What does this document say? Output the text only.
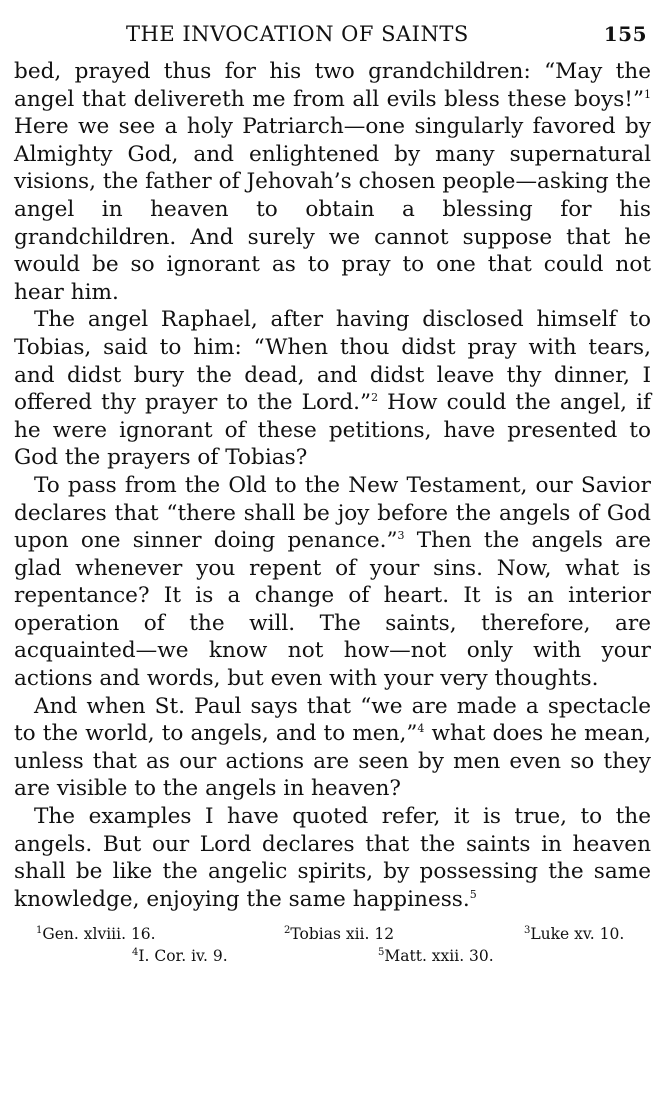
THE INVOCATION OF SAINTS	155

bed, prayed thus for his two grandchildren: “May the angel that delivereth me from all evils bless these boys!”$^1$ Here we see a holy Patriarch—one singularly favored by Almighty God, and enlightened by many supernatural visions, the father of Jehovah’s chosen people—asking the angel in heaven to obtain a blessing for his grandchildren. And surely we cannot suppose that he would be so ignorant as to pray to one that could not hear him.

The angel Raphael, after having disclosed himself to Tobias, said to him: “When thou didst pray with tears, and didst bury the dead, and didst leave thy dinner, I offered thy prayer to the Lord.”$^2$ How could the angel, if he were ignorant of these petitions, have presented to God the prayers of Tobias?

To pass from the Old to the New Testament, our Savior declares that “there shall be joy before the angels of God upon one sinner doing penance.”$^3$ Then the angels are glad whenever you repent of your sins. Now, what is repentance? It is a change of heart. It is an interior operation of the will. The saints, therefore, are acquainted—we know not how—not only with your actions and words, but even with your very thoughts.

And when St. Paul says that “we are made a spectacle to the world, to angels, and to men,”$^4$ what does he mean, unless that as our actions are seen by men even so they are visible to the angels in heaven?

The examples I have quoted refer, it is true, to the angels. But our Lord declares that the saints in heaven shall be like the angelic spirits, by possessing the same knowledge, enjoying the same happiness.$^5$

$^1$Gen. xlviii. 16.	$^2$Tobias xii. 12	$^3$Luke xv. 10.
$^4$I. Cor. iv. 9.	$^5$Matt. xxii. 30.
